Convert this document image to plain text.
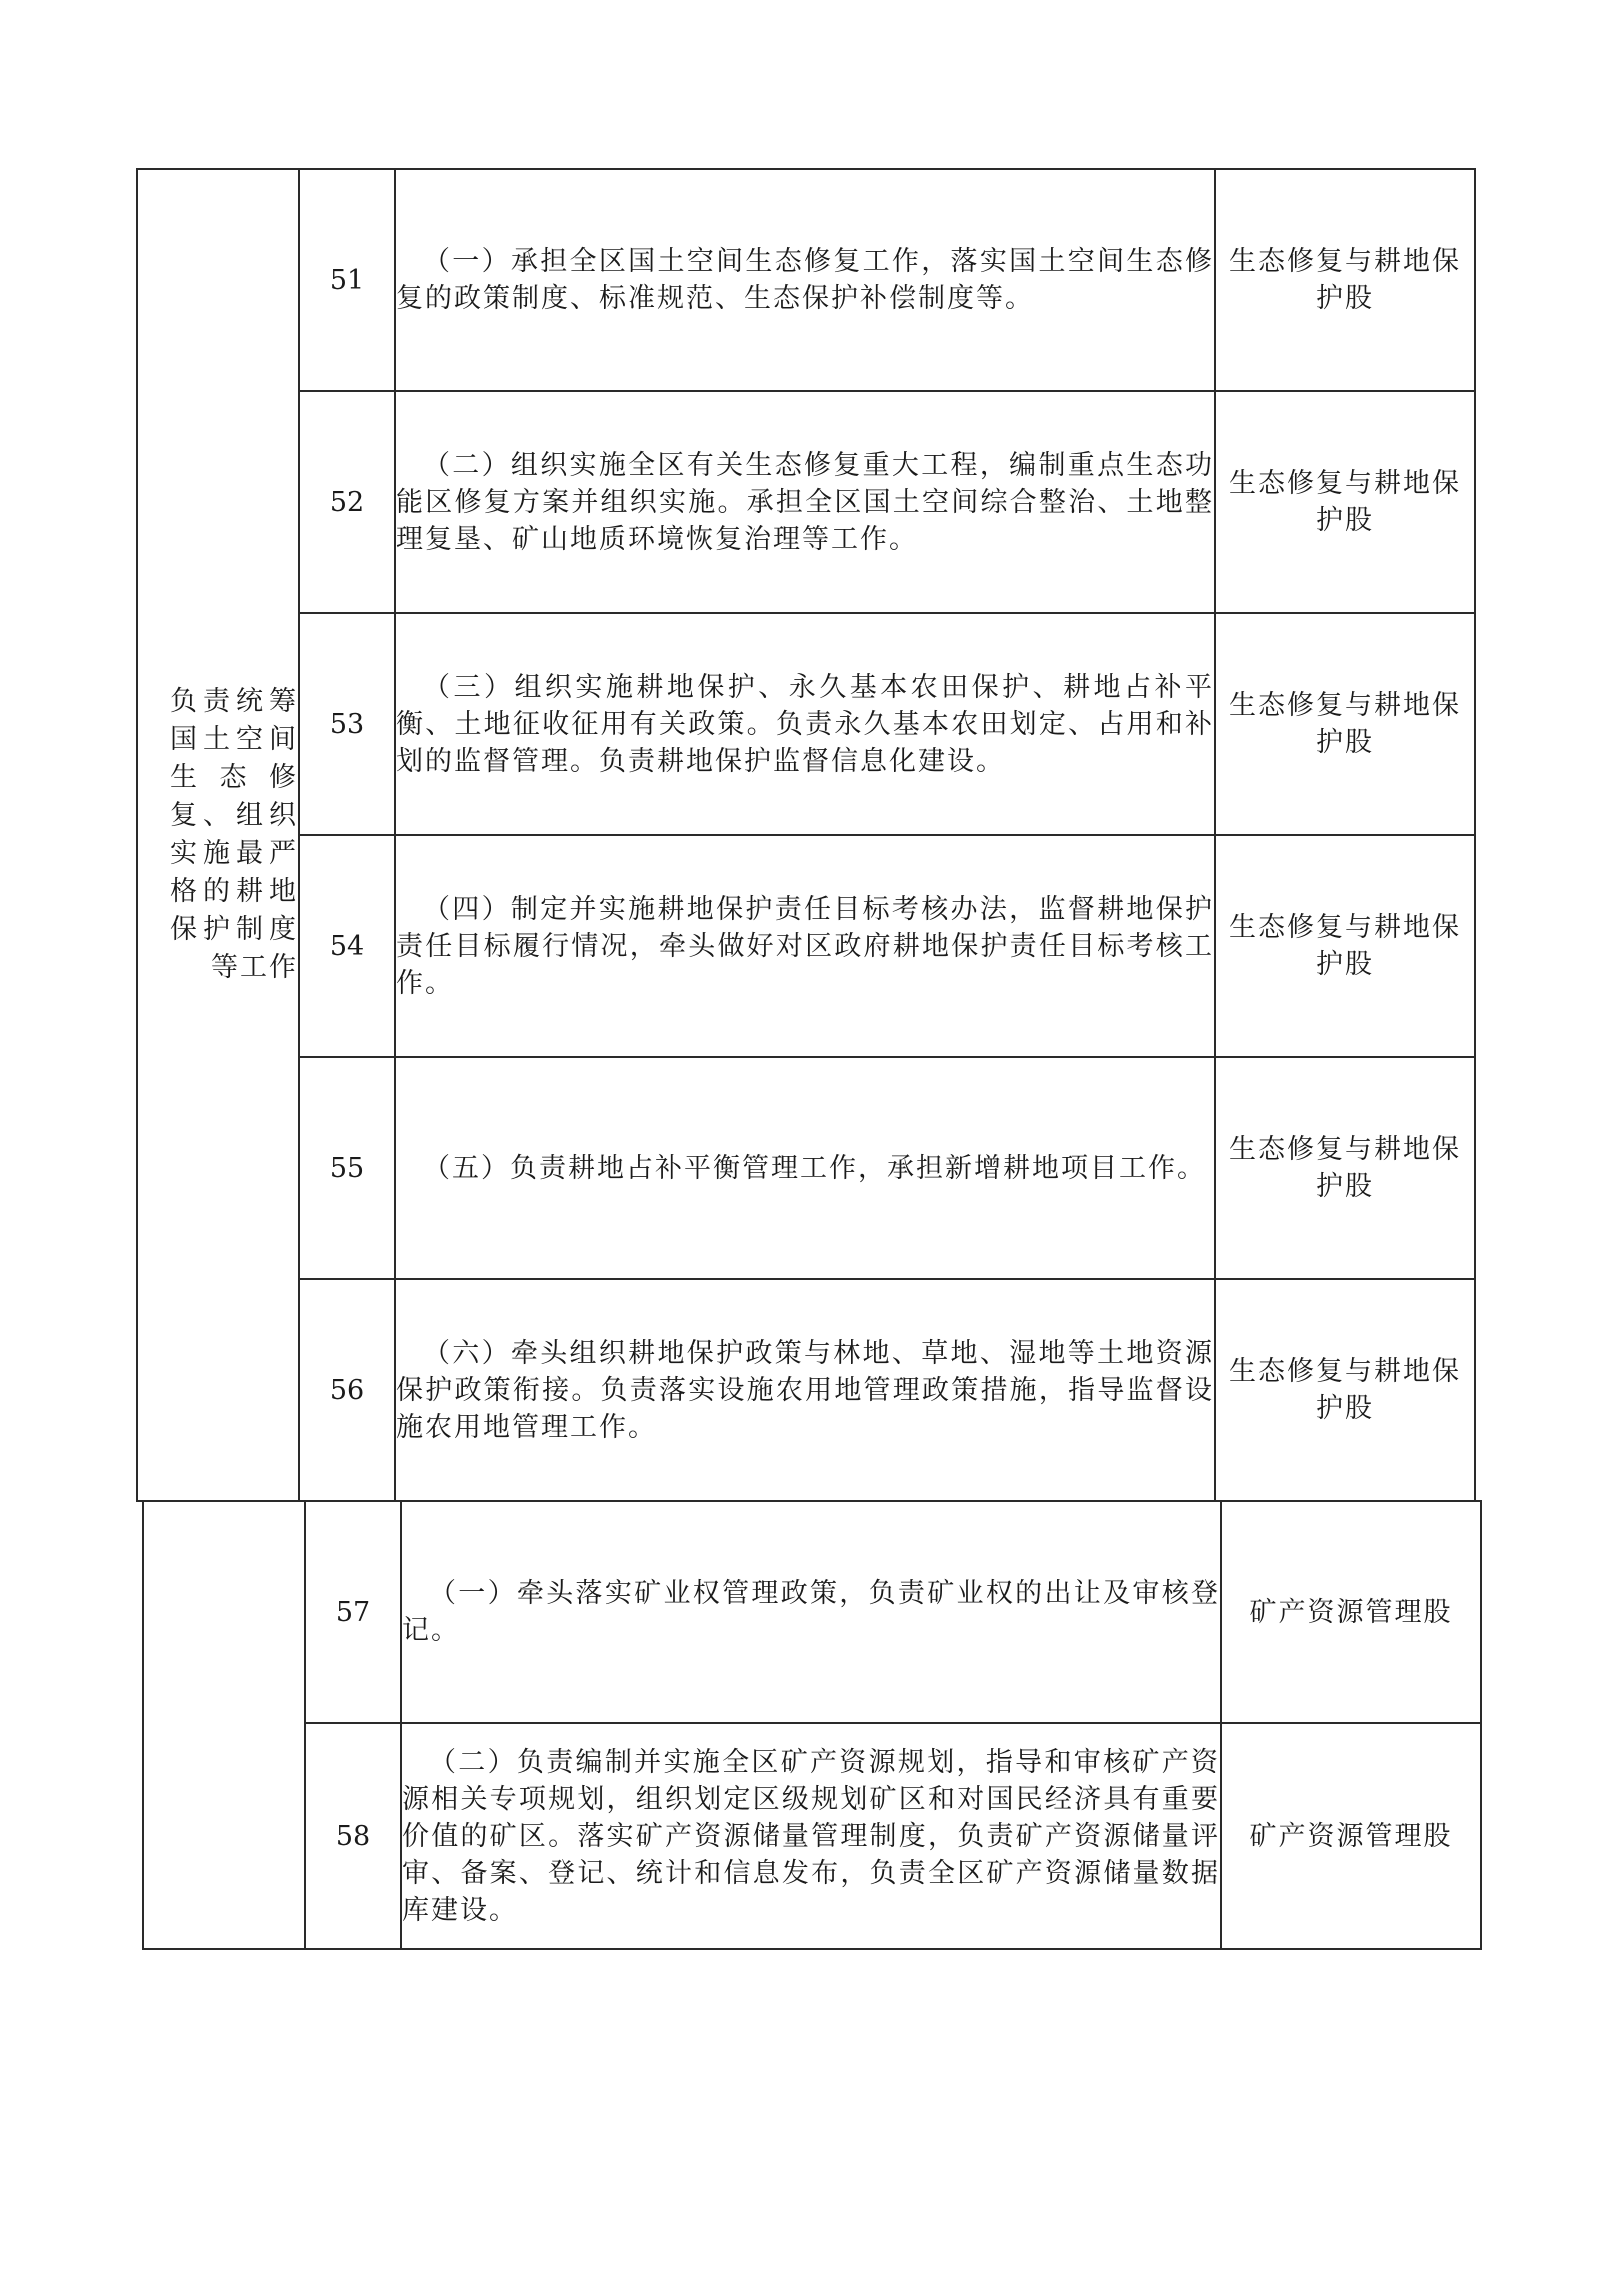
负责统筹国土空间生态修复、组织实施最严格的耕地保护制度等工作	51	（一）承担全区国土空间生态修复工作，落实国土空间生态修复的政策制度、标准规范、生态保护补偿制度等。	生态修复与耕地保护股
	52	（二）组织实施全区有关生态修复重大工程，编制重点生态功能区修复方案并组织实施。承担全区国土空间综合整治、土地整理复垦、矿山地质环境恢复治理等工作。	生态修复与耕地保护股
	53	（三）组织实施耕地保护、永久基本农田保护、耕地占补平衡、土地征收征用有关政策。负责永久基本农田划定、占用和补划的监督管理。负责耕地保护监督信息化建设。	生态修复与耕地保护股
	54	（四）制定并实施耕地保护责任目标考核办法，监督耕地保护责任目标履行情况，牵头做好对区政府耕地保护责任目标考核工作。	生态修复与耕地保护股
	55	（五）负责耕地占补平衡管理工作，承担新增耕地项目工作。	生态修复与耕地保护股
	56	（六）牵头组织耕地保护政策与林地、草地、湿地等土地资源保护政策衔接。负责落实设施农用地管理政策措施，指导监督设施农用地管理工作。	生态修复与耕地保护股
	57	（一）牵头落实矿业权管理政策，负责矿业权的出让及审核登记。	矿产资源管理股
	58	（二）负责编制并实施全区矿产资源规划，指导和审核矿产资源相关专项规划，组织划定区级规划矿区和对国民经济具有重要价值的矿区。落实矿产资源储量管理制度，负责矿产资源储量评审、备案、登记、统计和信息发布，负责全区矿产资源储量数据库建设。	矿产资源管理股
